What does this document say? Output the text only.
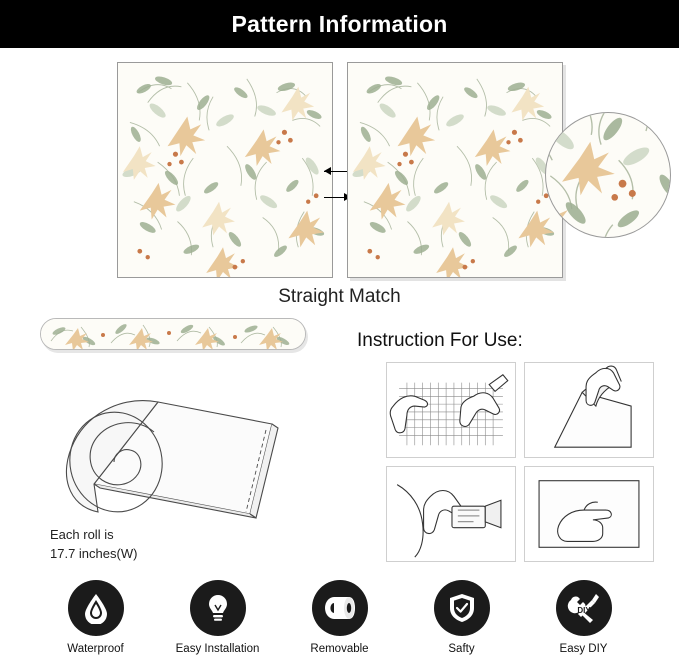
Pattern Information
Straight Match
Each roll is
17.7 inches(W)
Instruction For Use:
Waterproof	Easy Installation	Removable	Safty
DIY
Easy DIY
